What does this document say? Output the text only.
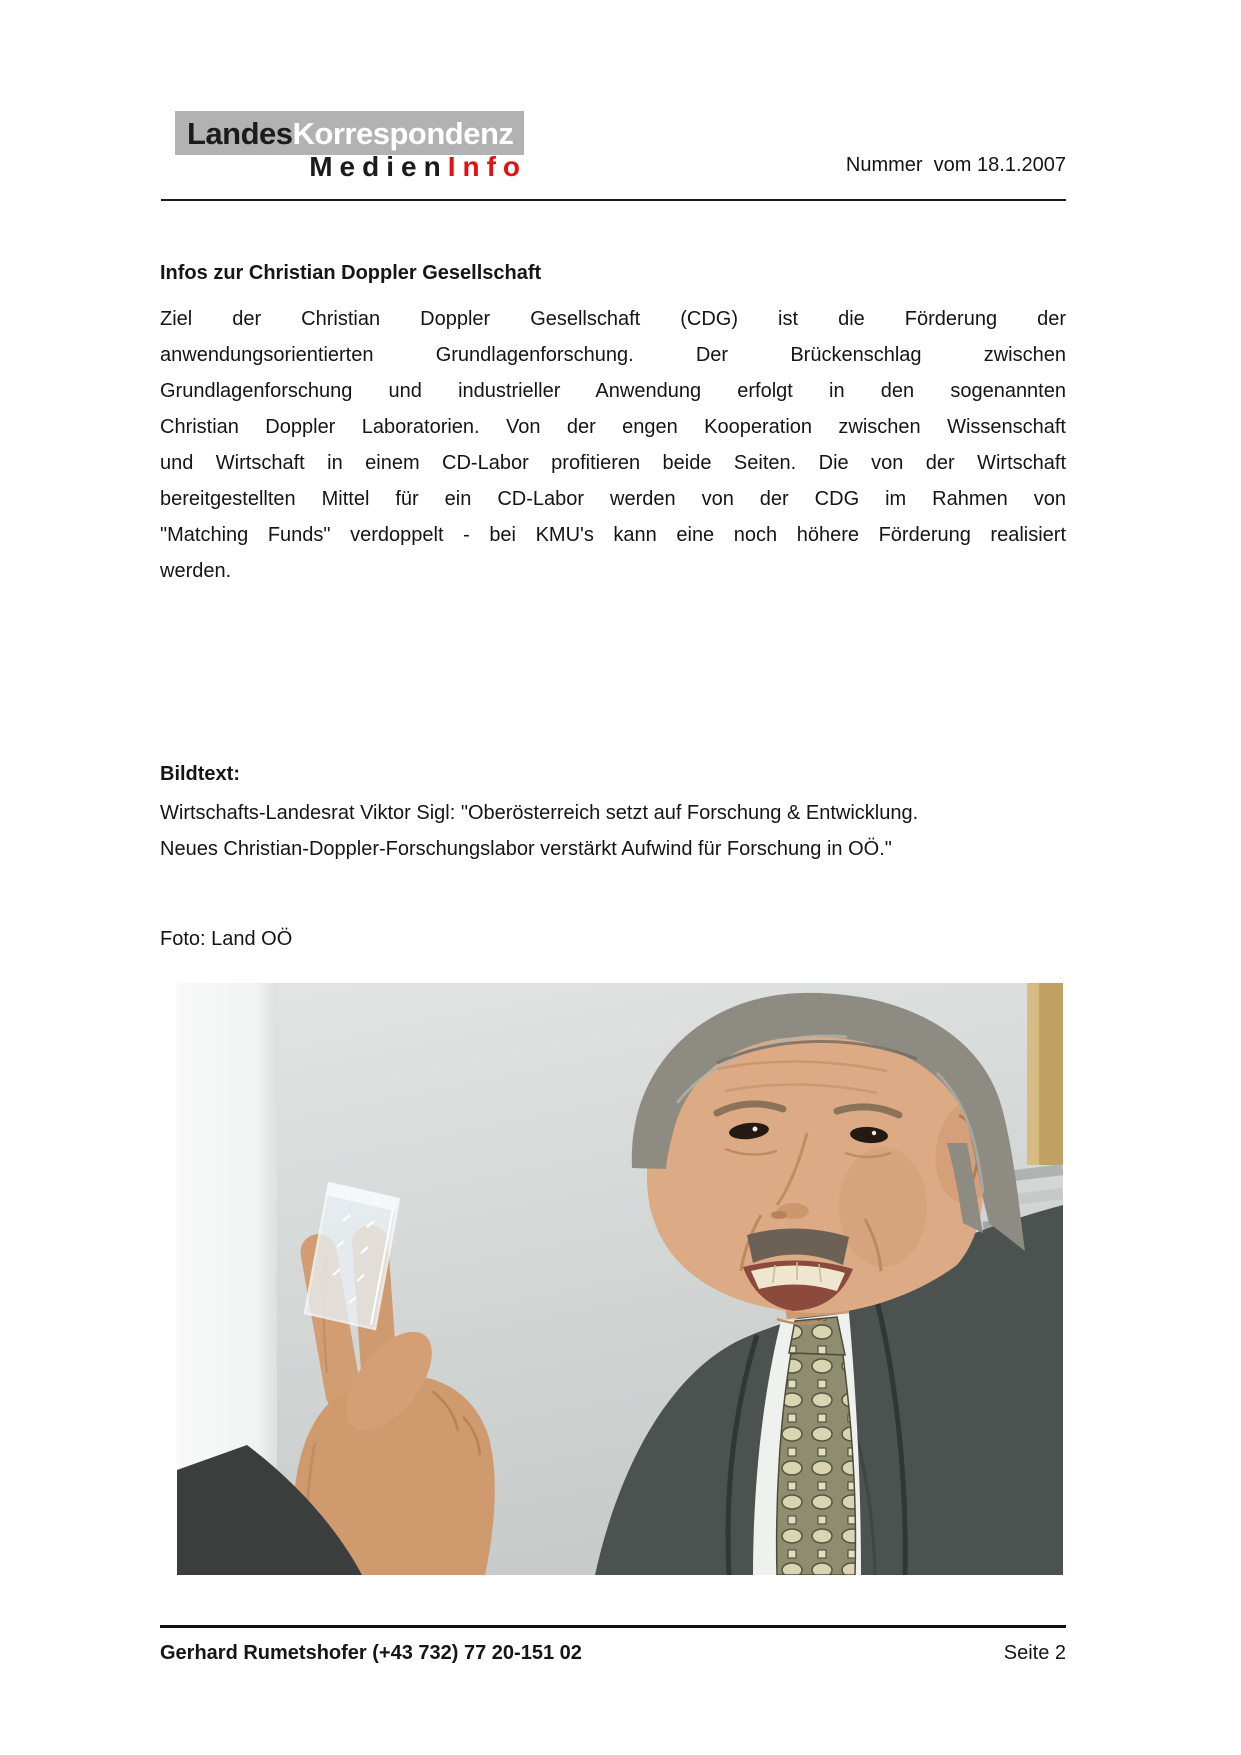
LandesKorrespondenz
MedienInfo	Nummer  vom 18.1.2007
Infos zur Christian Doppler Gesellschaft
Ziel der Christian Doppler Gesellschaft (CDG) ist die Förderung der
anwendungsorientierten Grundlagenforschung. Der Brückenschlag zwischen
Grundlagenforschung und industrieller Anwendung erfolgt in den sogenannten
Christian Doppler Laboratorien. Von der engen Kooperation zwischen Wissenschaft
und Wirtschaft in einem CD-Labor profitieren beide Seiten. Die von der Wirtschaft
bereitgestellten Mittel für ein CD-Labor werden von der CDG im Rahmen von
"Matching Funds" verdoppelt - bei KMU's kann eine noch höhere Förderung realisiert
werden.
Bildtext:
Wirtschafts-Landesrat Viktor Sigl: "Oberösterreich setzt auf Forschung & Entwicklung.
Neues Christian-Doppler-Forschungslabor verstärkt Aufwind für Forschung in OÖ."
Foto: Land OÖ
Gerhard Rumetshofer (+43 732) 77 20-151 02	Seite 2
